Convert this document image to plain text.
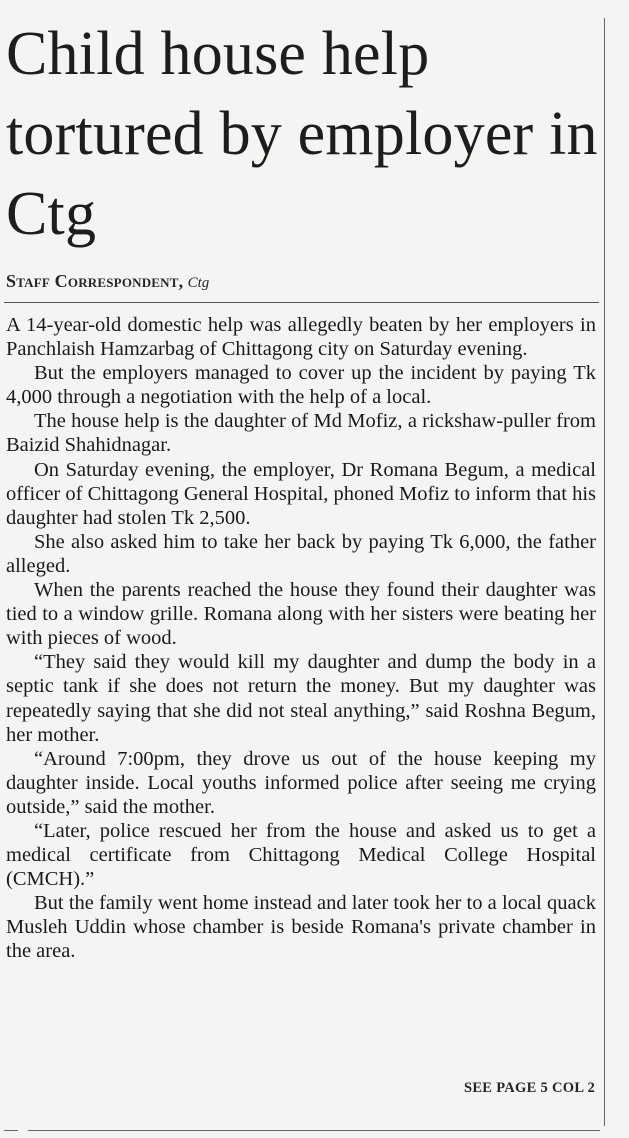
Child house help tortured by employer in Ctg
Staff Correspondent, Ctg

A 14-year-old domestic help was allegedly beaten by her employers in Panchlaish Hamzarbag of Chittagong city on Saturday evening.

But the employers managed to cover up the incident by paying Tk 4,000 through a negotiation with the help of a local.

The house help is the daughter of Md Mofiz, a rickshaw-puller from Baizid Shahidnagar.

On Saturday evening, the employer, Dr Romana Begum, a medical officer of Chittagong General Hospital, phoned Mofiz to inform that his daughter had stolen Tk 2,500.

She also asked him to take her back by paying Tk 6,000, the father alleged.

When the parents reached the house they found their daughter was tied to a window grille. Romana along with her sisters were beating her with pieces of wood.

“They said they would kill my daughter and dump the body in a septic tank if she does not return the money. But my daughter was repeatedly saying that she did not steal anything,” said Roshna Begum, her mother.

“Around 7:00pm, they drove us out of the house keeping my daughter inside. Local youths informed police after seeing me crying outside,” said the mother.

“Later, police rescued her from the house and asked us to get a medical certificate from Chittagong Medical College Hospital (CMCH).”

But the family went home instead and later took her to a local quack Musleh Uddin whose chamber is beside Romana's private chamber in the area.

SEE PAGE 5 COL 2
